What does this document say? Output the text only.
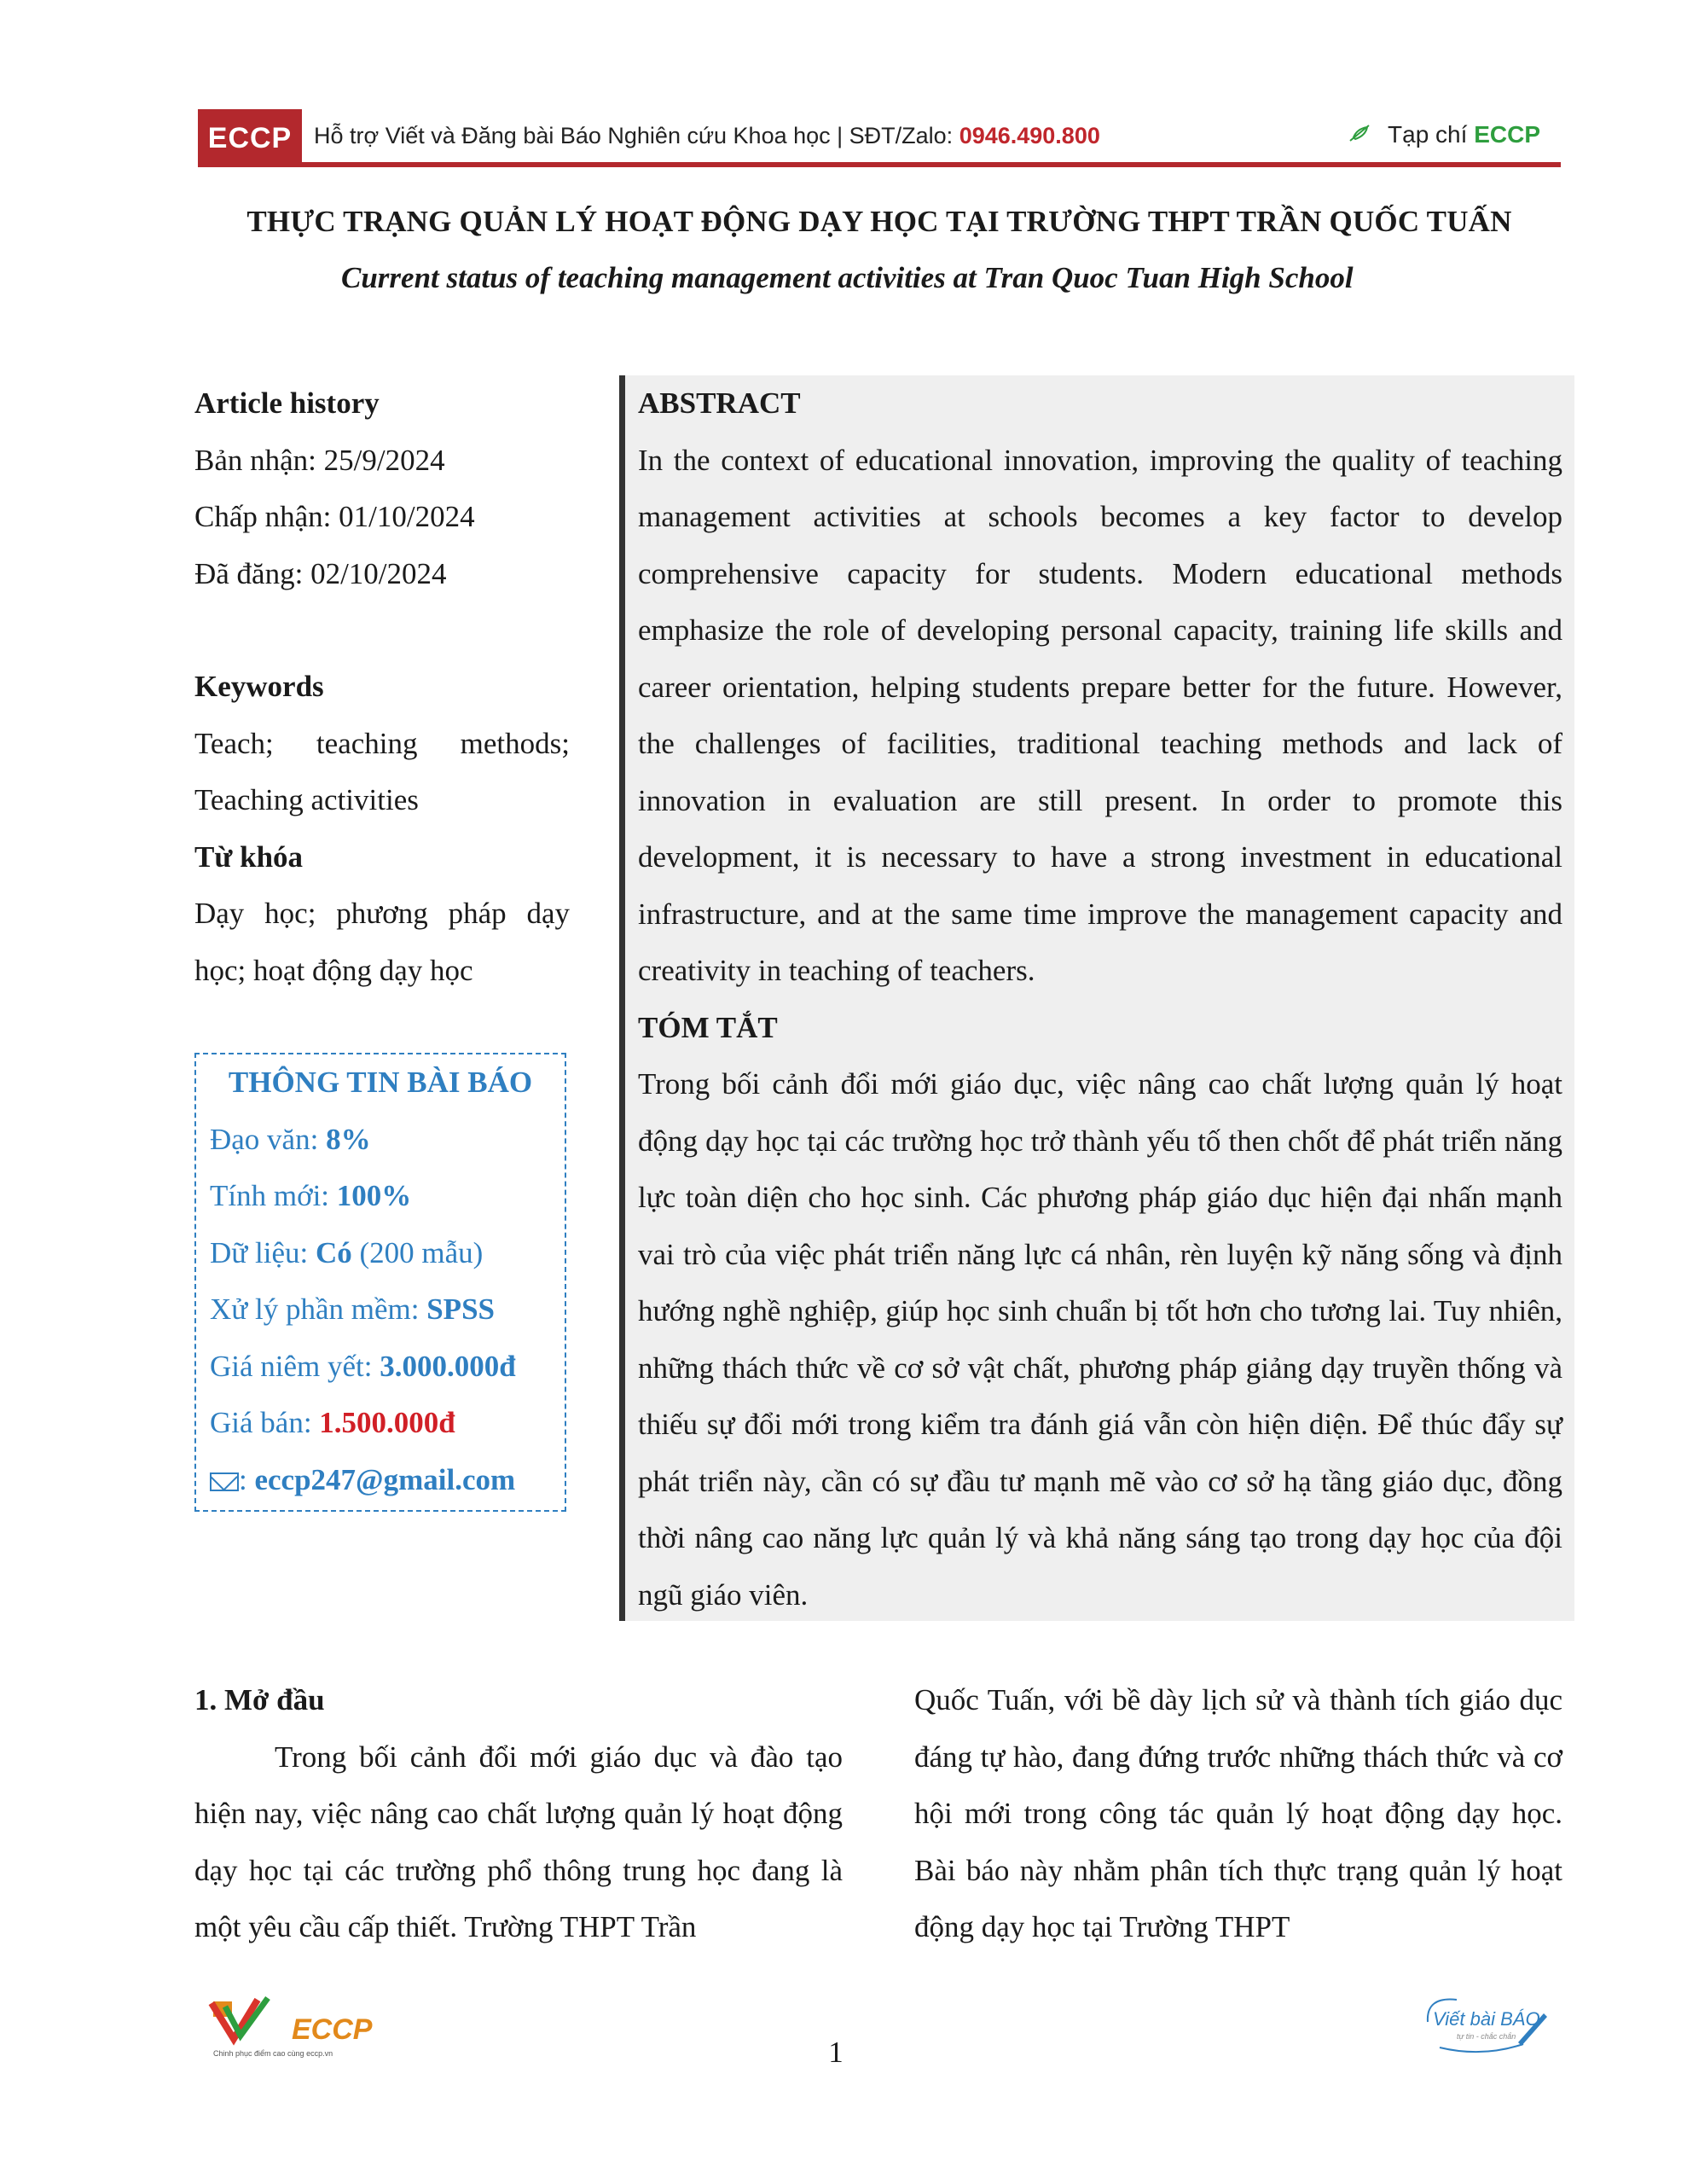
ECCP Hỗ trợ Viết và Đăng bài Báo Nghiên cứu Khoa học | SĐT/Zalo: 0946.490.800	Tạp chí ECCP
THỰC TRẠNG QUẢN LÝ HOẠT ĐỘNG DẠY HỌC TẠI TRƯỜNG THPT TRẦN QUỐC TUẤN
Current status of teaching management activities at Tran Quoc Tuan High School
Article history
Bản nhận: 25/9/2024
Chấp nhận: 01/10/2024
Đã đăng: 02/10/2024
Keywords
Teach; teaching methods;
Teaching activities
Từ khóa
Dạy học; phương pháp dạy
học; hoạt động dạy học
THÔNG TIN BÀI BÁO
Đạo văn: 8%
Tính mới: 100%
Dữ liệu: Có (200 mẫu)
Xử lý phần mềm: SPSS
Giá niêm yết: 3.000.000đ
Giá bán: 1.500.000đ
: eccp247@gmail.com
ABSTRACT

In the context of educational innovation, improving the quality of teaching management activities at schools becomes a key factor to develop comprehensive capacity for students. Modern educational methods emphasize the role of developing personal capacity, training life skills and career orientation, helping students prepare better for the future. However, the challenges of facilities, traditional teaching methods and lack of innovation in evaluation are still present. In order to promote this development, it is necessary to have a strong investment in educational infrastructure, and at the same time improve the management capacity and creativity in teaching of teachers.

TÓM TẮT

Trong bối cảnh đổi mới giáo dục, việc nâng cao chất lượng quản lý hoạt động dạy học tại các trường học trở thành yếu tố then chốt để phát triển năng lực toàn diện cho học sinh. Các phương pháp giáo dục hiện đại nhấn mạnh vai trò của việc phát triển năng lực cá nhân, rèn luyện kỹ năng sống và định hướng nghề nghiệp, giúp học sinh chuẩn bị tốt hơn cho tương lai. Tuy nhiên, những thách thức về cơ sở vật chất, phương pháp giảng dạy truyền thống và thiếu sự đổi mới trong kiểm tra đánh giá vẫn còn hiện diện. Để thúc đẩy sự phát triển này, cần có sự đầu tư mạnh mẽ vào cơ sở hạ tầng giáo dục, đồng thời nâng cao năng lực quản lý và khả năng sáng tạo trong dạy học của đội ngũ giáo viên.

1. Mở đầu

Trong bối cảnh đổi mới giáo dục và đào tạo hiện nay, việc nâng cao chất lượng quản lý hoạt động dạy học tại các trường phổ thông trung học đang là một yêu cầu cấp thiết. Trường THPT Trần

Quốc Tuấn, với bề dày lịch sử và thành tích giáo dục đáng tự hào, đang đứng trước những thách thức và cơ hội mới trong công tác quản lý hoạt động dạy học. Bài báo này nhằm phân tích thực trạng quản lý hoạt động dạy học tại Trường THPT

ECCP
Chinh phục điểm cao cùng eccp.vn	1
Viết bài BÁO
tự tin - chắc chắn
